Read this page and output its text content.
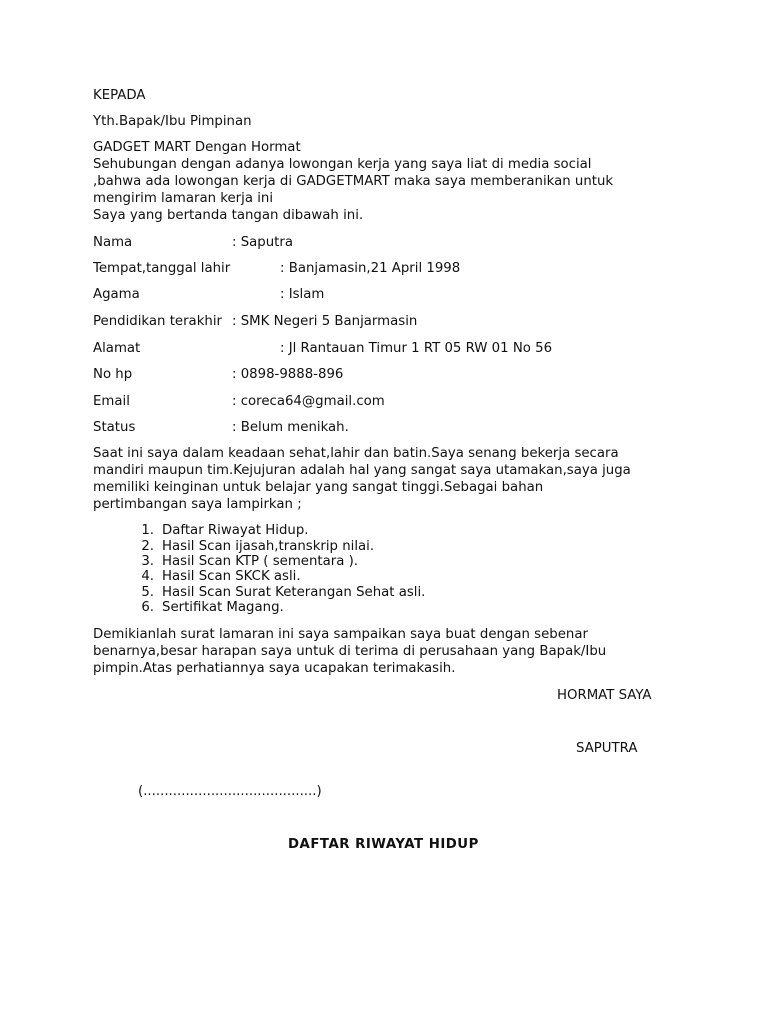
KEPADA

Yth.Bapak/Ibu Pimpinan

GADGET MART Dengan Hormat

Sehubungan dengan adanya lowongan kerja yang saya liat di media social

,bahwa ada lowongan kerja di GADGETMART maka saya memberanikan untuk

mengirim lamaran kerja ini

Saya yang bertanda tangan dibawah ini.

Nama	: Saputra

Tempat,tanggal lahir	: Banjamasin,21 April 1998

Agama	: Islam

Pendidikan terakhir : SMK Negeri 5 Banjarmasin

Alamat	: Jl Rantauan Timur 1 RT 05 RW 01 No 56

No hp	: 0898-9888-896

Email	: coreca64@gmail.com

Status	: Belum menikah.

Saat ini saya dalam keadaan sehat,lahir dan batin.Saya senang bekerja secara

mandiri maupun tim.Kejujuran adalah hal yang sangat saya utamakan,saya juga

memiliki keinginan untuk belajar yang sangat tinggi.Sebagai bahan

pertimbangan saya lampirkan ;

1. Daftar Riwayat Hidup.

2. Hasil Scan ijasah,transkrip nilai.

3. Hasil Scan KTP ( sementara ).

4. Hasil Scan SKCK asli.

5. Hasil Scan Surat Keterangan Sehat asli.

6. Sertifikat Magang.

Demikianlah surat lamaran ini saya sampaikan saya buat dengan sebenar

benarnya,besar harapan saya untuk di terima di perusahaan yang Bapak/Ibu

pimpin.Atas perhatiannya saya ucapakan terimakasih.

HORMAT SAYA

SAPUTRA

(.........................................)

DAFTAR RIWAYAT HIDUP
